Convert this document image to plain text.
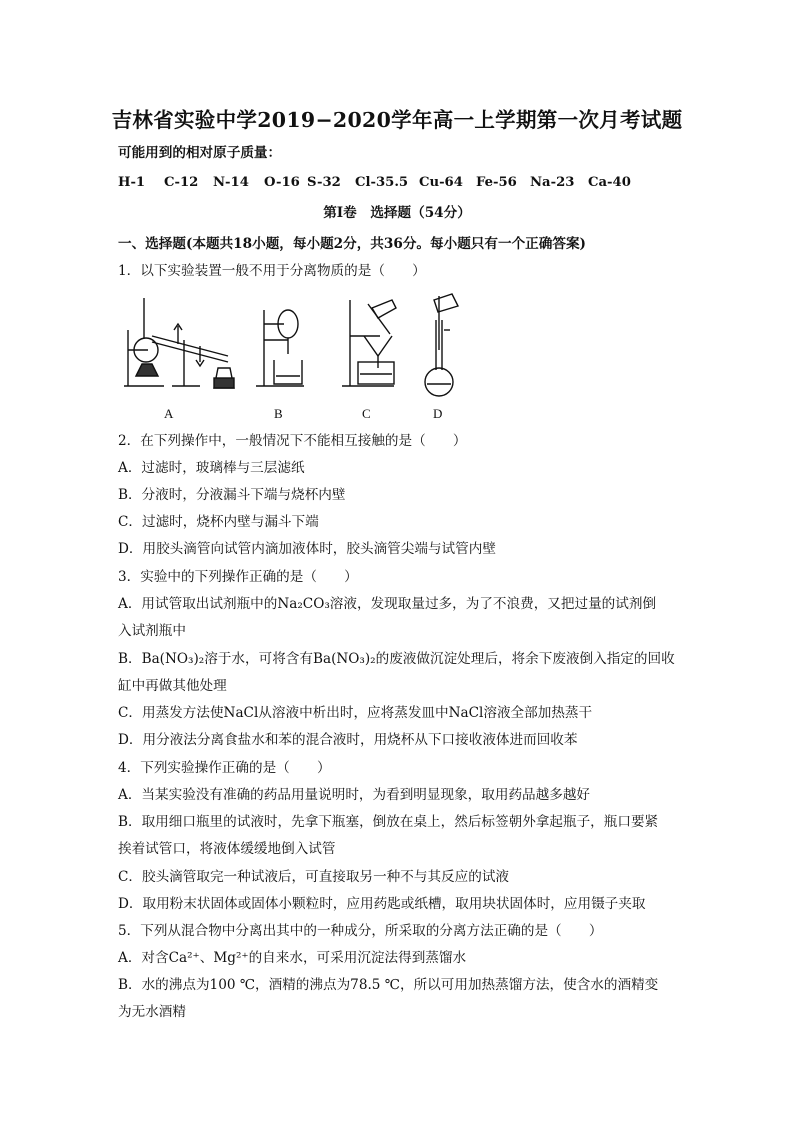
吉林省实验中学2019−2020学年高一上学期第一次月考试题
可能用到的相对原子质量：
H-1 C-12 N-14 O-16 S-32 Cl-35.5 Cu-64 Fe-56 Na-23 Ca-40
第Ⅰ卷　选择题（54分）
一、选择题(本题共18小题，每小题2分，共36分。每小题只有一个正确答案)
1．以下实验装置一般不用于分离物质的是（　　）
A	B	C	D
2．在下列操作中，一般情况下不能相互接触的是（　　）
A．过滤时，玻璃棒与三层滤纸
B．分液时，分液漏斗下端与烧杯内壁
C．过滤时，烧杯内壁与漏斗下端
D．用胶头滴管向试管内滴加液体时，胶头滴管尖端与试管内壁
3．实验中的下列操作正确的是（　　）
A．用试管取出试剂瓶中的Na₂CO₃溶液，发现取量过多，为了不浪费，又把过量的试剂倒
入试剂瓶中
B．Ba(NO₃)₂溶于水，可将含有Ba(NO₃)₂的废液做沉淀处理后，将余下废液倒入指定的回收
缸中再做其他处理
C．用蒸发方法使NaCl从溶液中析出时，应将蒸发皿中NaCl溶液全部加热蒸干
D．用分液法分离食盐水和苯的混合液时，用烧杯从下口接收液体进而回收苯
4．下列实验操作正确的是（　　）
A．当某实验没有准确的药品用量说明时，为看到明显现象，取用药品越多越好
B．取用细口瓶里的试液时，先拿下瓶塞，倒放在桌上，然后标签朝外拿起瓶子，瓶口要紧
挨着试管口，将液体缓缓地倒入试管
C．胶头滴管取完一种试液后，可直接取另一种不与其反应的试液
D．取用粉末状固体或固体小颗粒时，应用药匙或纸槽，取用块状固体时，应用镊子夹取
5．下列从混合物中分离出其中的一种成分，所采取的分离方法正确的是（　　）
A．对含Ca²⁺、Mg²⁺的自来水，可采用沉淀法得到蒸馏水
B．水的沸点为100 ℃，酒精的沸点为78.5 ℃，所以可用加热蒸馏方法，使含水的酒精变
为无水酒精
